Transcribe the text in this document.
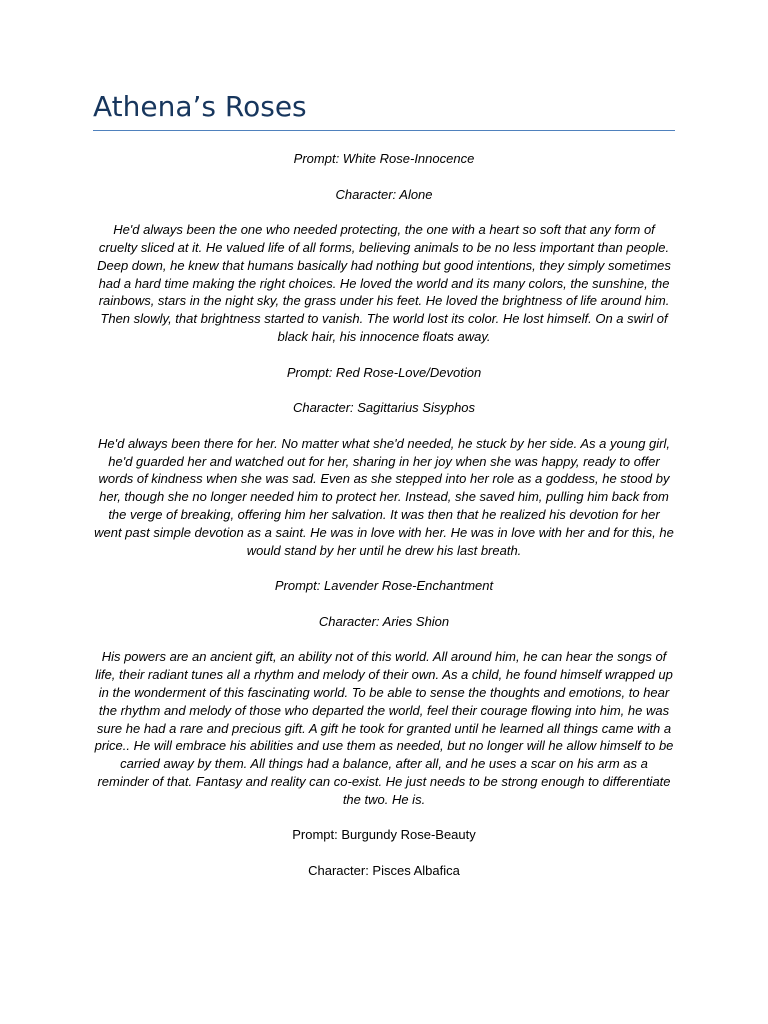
Athena’s Roses

Prompt: White Rose-Innocence

Character: Alone

He'd always been the one who needed protecting, the one with a heart so soft that any form of cruelty sliced at it. He valued life of all forms, believing animals to be no less important than people. Deep down, he knew that humans basically had nothing but good intentions, they simply sometimes had a hard time making the right choices. He loved the world and its many colors, the sunshine, the rainbows, stars in the night sky, the grass under his feet. He loved the brightness of life around him. Then slowly, that brightness started to vanish. The world lost its color. He lost himself. On a swirl of black hair, his innocence floats away.

Prompt: Red Rose-Love/Devotion

Character: Sagittarius Sisyphos

He'd always been there for her. No matter what she'd needed, he stuck by her side. As a young girl, he'd guarded her and watched out for her, sharing in her joy when she was happy, ready to offer words of kindness when she was sad. Even as she stepped into her role as a goddess, he stood by her, though she no longer needed him to protect her. Instead, she saved him, pulling him back from the verge of breaking, offering him her salvation. It was then that he realized his devotion for her went past simple devotion as a saint. He was in love with her. He was in love with her and for this, he would stand by her until he drew his last breath.

Prompt: Lavender Rose-Enchantment

Character: Aries Shion

His powers are an ancient gift, an ability not of this world. All around him, he can hear the songs of life, their radiant tunes all a rhythm and melody of their own. As a child, he found himself wrapped up in the wonderment of this fascinating world. To be able to sense the thoughts and emotions, to hear the rhythm and melody of those who departed the world, feel their courage flowing into him, he was sure he had a rare and precious gift. A gift he took for granted until he learned all things came with a price.. He will embrace his abilities and use them as needed, but no longer will he allow himself to be carried away by them. All things had a balance, after all, and he uses a scar on his arm as a reminder of that. Fantasy and reality can co-exist. He just needs to be strong enough to differentiate the two. He is.

Prompt: Burgundy Rose-Beauty

Character: Pisces Albafica
